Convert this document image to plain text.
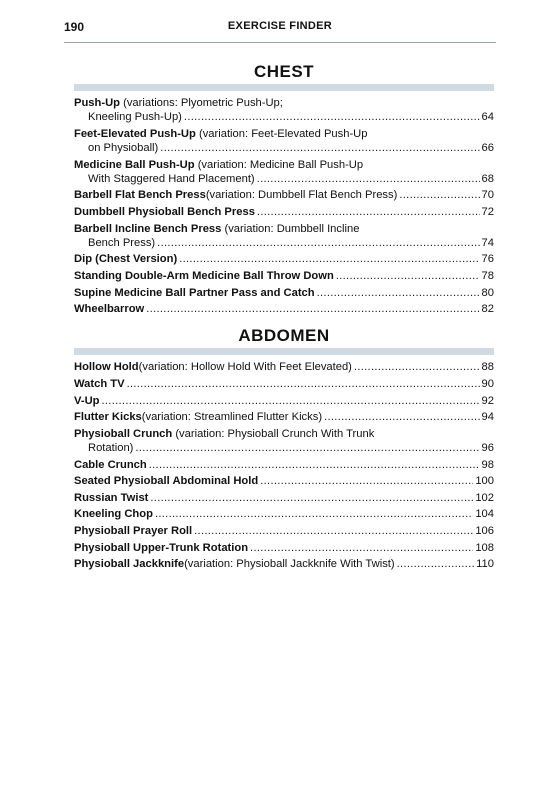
190	EXERCISE FINDER
CHEST
Push-Up (variations: Plyometric Push-Up;
Kneeling Push-Up) .....	64
Feet-Elevated Push-Up (variation: Feet-Elevated Push-Up
on Physioball) .....	66
Medicine Ball Push-Up (variation: Medicine Ball Push-Up
With Staggered Hand Placement) .....	68
Barbell Flat Bench Press (variation: Dumbbell Flat Bench Press) .....	70
Dumbbell Physioball Bench Press .....	72
Barbell Incline Bench Press (variation: Dumbbell Incline
Bench Press) .....	74
Dip (Chest Version) .....	76
Standing Double-Arm Medicine Ball Throw Down .....	78
Supine Medicine Ball Partner Pass and Catch .....	80
Wheelbarrow .....	82
ABDOMEN
Hollow Hold (variation: Hollow Hold With Feet Elevated) .....	88
Watch TV .....	90
V-Up .....	92
Flutter Kicks (variation: Streamlined Flutter Kicks) .....	94
Physioball Crunch (variation: Physioball Crunch With Trunk
Rotation) .....	96
Cable Crunch .....	98
Seated Physioball Abdominal Hold .....	100
Russian Twist .....	102
Kneeling Chop .....	104
Physioball Prayer Roll .....	106
Physioball Upper-Trunk Rotation .....	108
Physioball Jackknife (variation: Physioball Jackknife With Twist) .....	110
